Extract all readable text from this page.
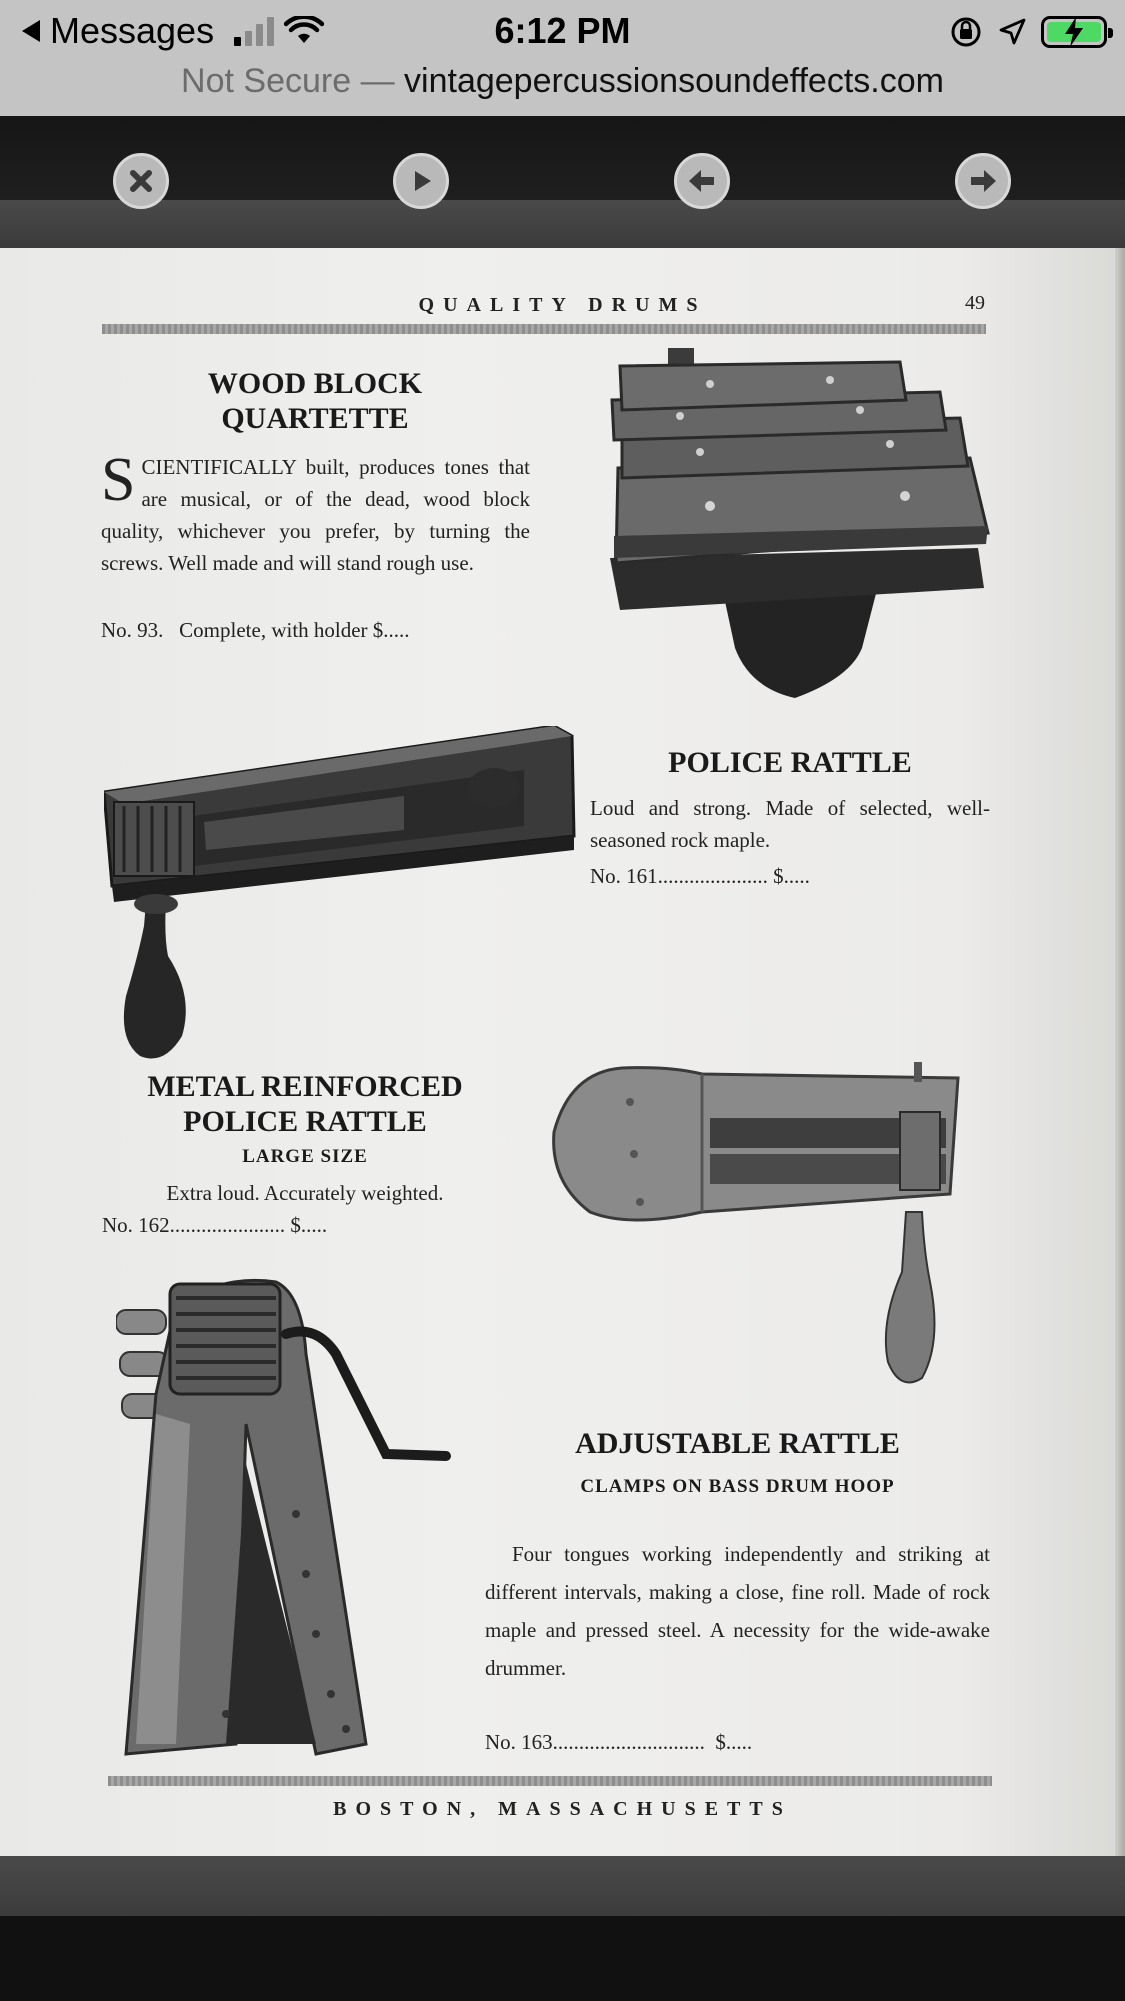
Messages	6:12 PM
Not Secure — vintagepercussionsoundeffects.com
QUALITY DRUMS	49
WOOD BLOCK
QUARTETTE
SCIENTIFICALLY built, produces tones that are musical, or of the dead, wood block quality, whichever you prefer, by turning the screws. Well made and will stand rough use.
No. 93.   Complete, with holder $.....
POLICE RATTLE
Loud and strong. Made of selected, well-seasoned rock maple.
No. 161..................... $.....
METAL REINFORCED
POLICE RATTLE
LARGE SIZE
Extra loud. Accurately weighted.
No. 162...................... $.....
ADJUSTABLE RATTLE
CLAMPS ON BASS DRUM HOOP
Four tongues working independently and striking at different intervals, making a close, fine roll. Made of rock maple and pressed steel. A necessity for the wide-awake drummer.
No. 163.............................  $.....
BOSTON, MASSACHUSETTS
